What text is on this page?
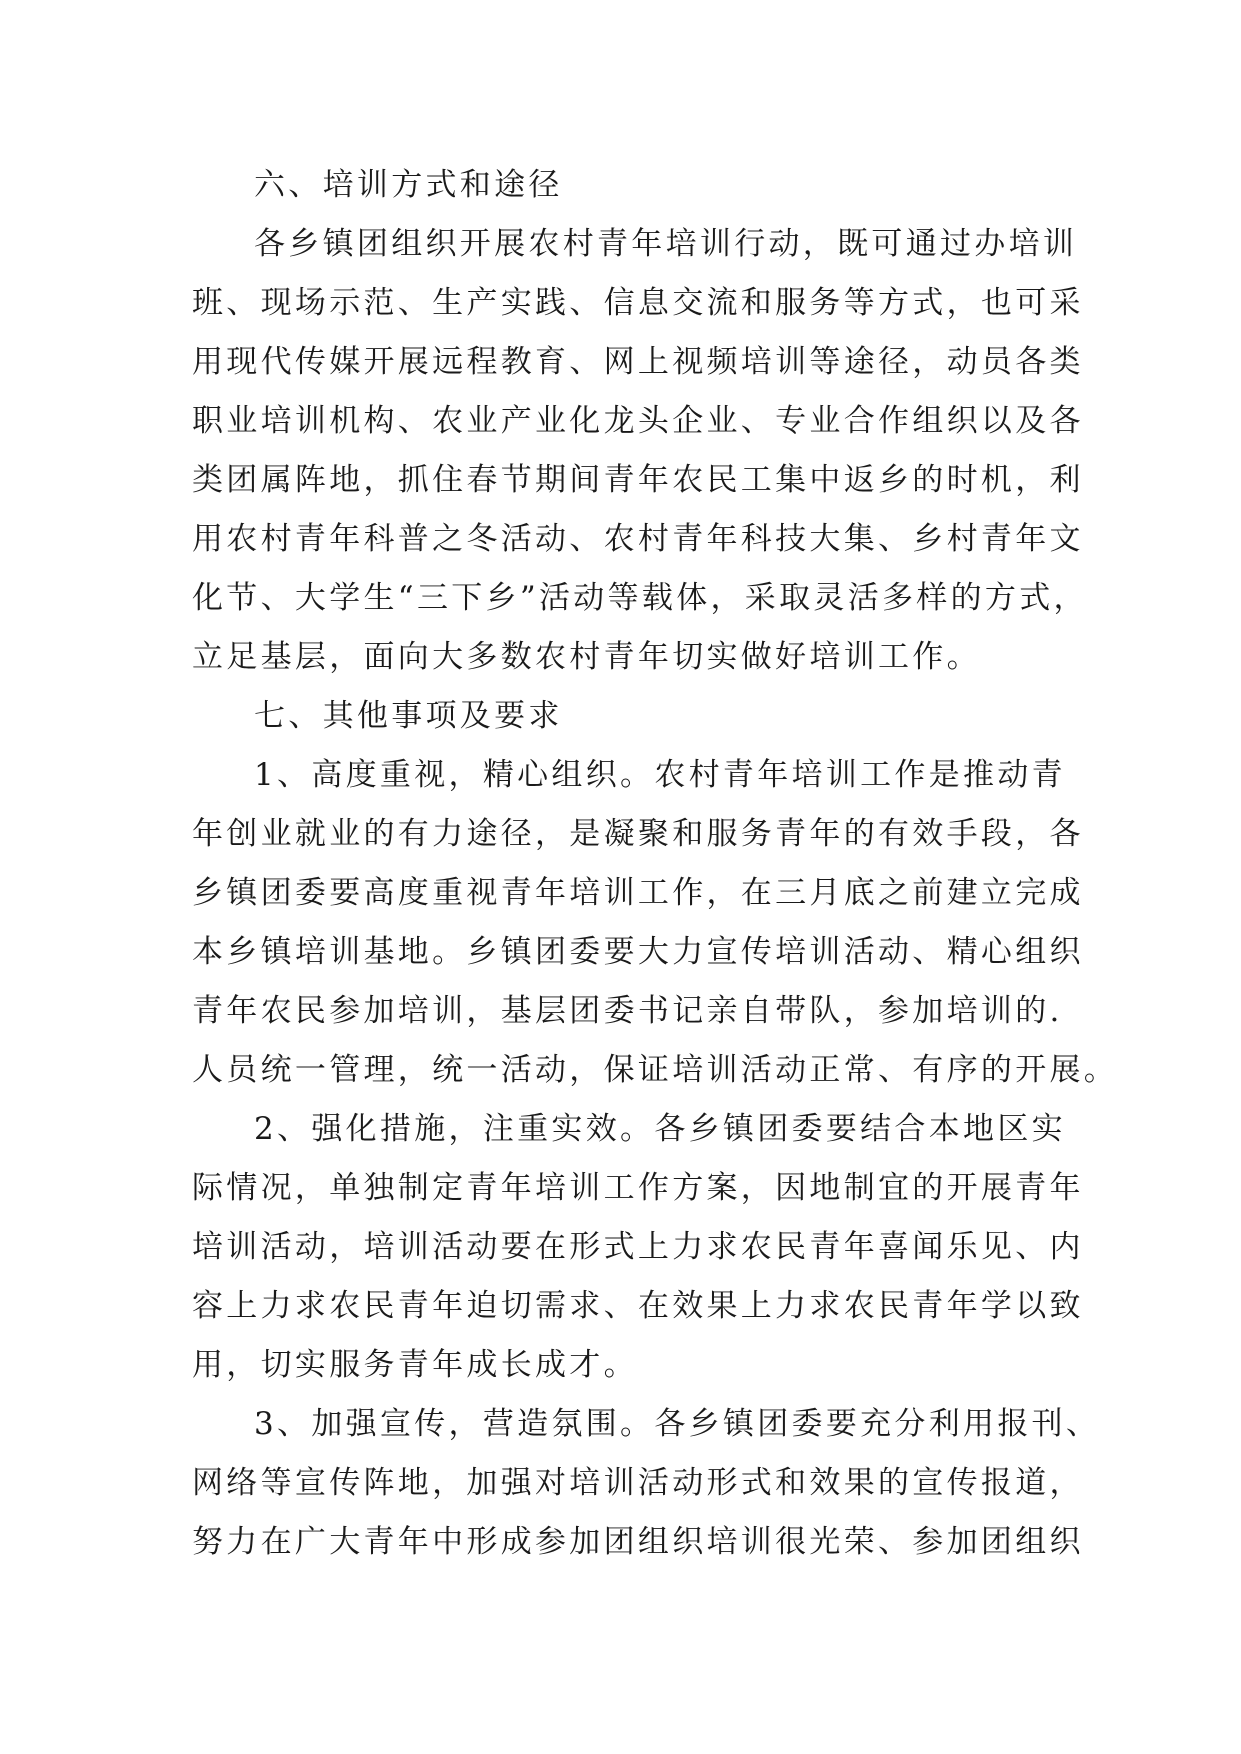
六、培训方式和途径
各乡镇团组织开展农村青年培训行动，既可通过办培训
班、现场示范、生产实践、信息交流和服务等方式，也可采
用现代传媒开展远程教育、网上视频培训等途径，动员各类
职业培训机构、农业产业化龙头企业、专业合作组织以及各
类团属阵地，抓住春节期间青年农民工集中返乡的时机，利
用农村青年科普之冬活动、农村青年科技大集、乡村青年文
化节、大学生“三下乡”活动等载体，采取灵活多样的方式，
立足基层，面向大多数农村青年切实做好培训工作。
七、其他事项及要求
1、高度重视，精心组织。农村青年培训工作是推动青
年创业就业的有力途径，是凝聚和服务青年的有效手段，各
乡镇团委要高度重视青年培训工作，在三月底之前建立完成
本乡镇培训基地。乡镇团委要大力宣传培训活动、精心组织
青年农民参加培训，基层团委书记亲自带队，参加培训的.
人员统一管理，统一活动，保证培训活动正常、有序的开展。
2、强化措施，注重实效。各乡镇团委要结合本地区实
际情况，单独制定青年培训工作方案，因地制宜的开展青年
培训活动，培训活动要在形式上力求农民青年喜闻乐见、内
容上力求农民青年迫切需求、在效果上力求农民青年学以致
用，切实服务青年成长成才。
3、加强宣传，营造氛围。各乡镇团委要充分利用报刊、
网络等宣传阵地，加强对培训活动形式和效果的宣传报道，
努力在广大青年中形成参加团组织培训很光荣、参加团组织
